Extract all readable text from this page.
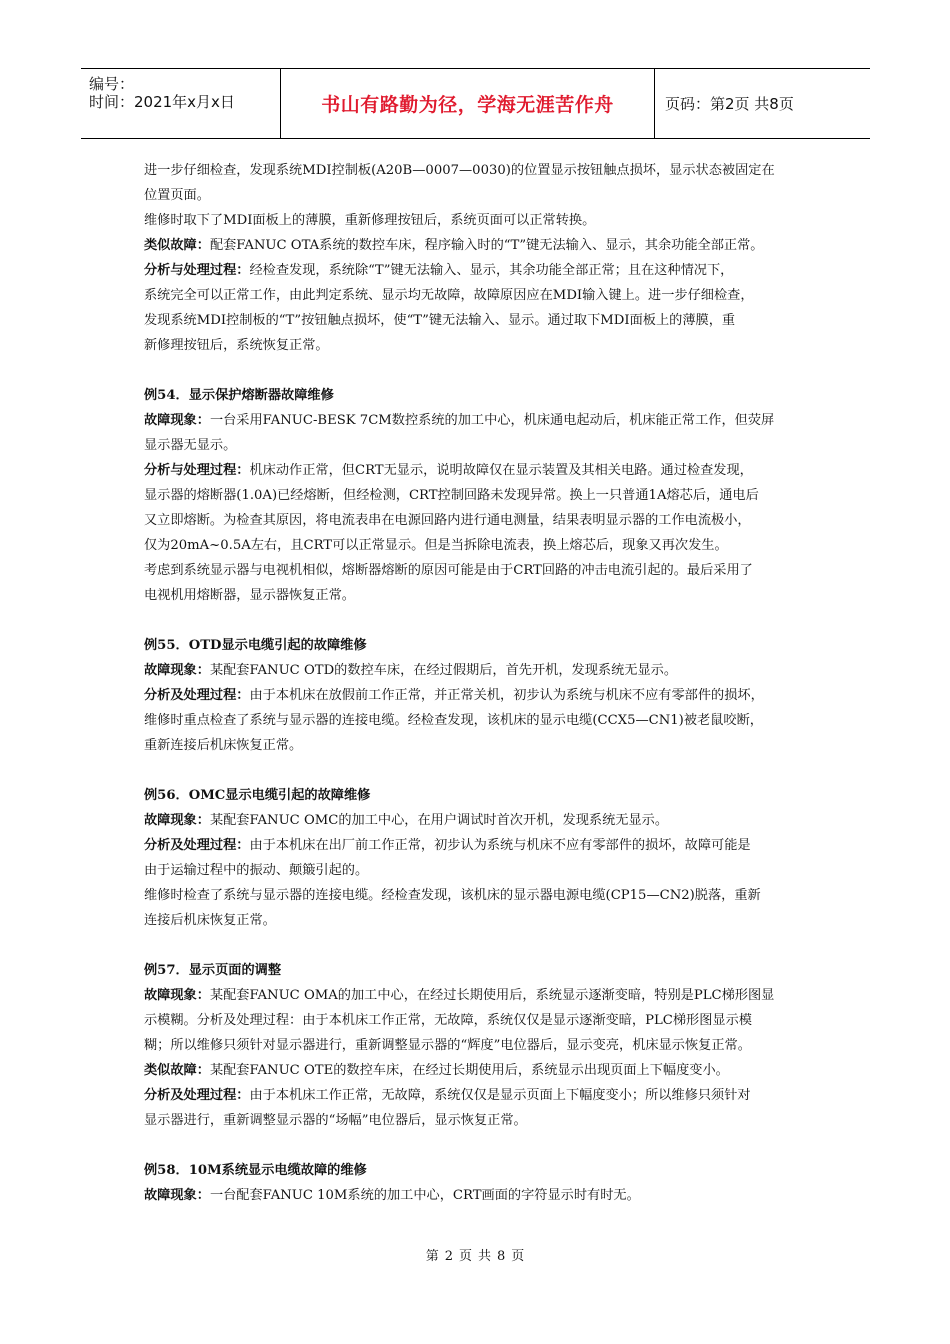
编号：
时间：2021年x月x日	书山有路勤为径，学海无涯苦作舟	页码：第2页 共8页

进一步仔细检查，发现系统MDI控制板(A20B—0007—0030)的位置显示按钮触点损坏，显示状态被固定在

位置页面。

维修时取下了MDI面板上的薄膜，重新修理按钮后，系统页面可以正常转换。

类似故障：配套FANUC OTA系统的数控车床，程序输入时的“T”键无法输入、显示，其余功能全部正常。

分析与处理过程：经检查发现，系统除“T”键无法输入、显示，其余功能全部正常；且在这种情况下，

系统完全可以正常工作，由此判定系统、显示均无故障，故障原因应在MDI输入键上。进一步仔细检查，

发现系统MDI控制板的“T”按钮触点损坏，使“T”键无法输入、显示。通过取下MDI面板上的薄膜，重

新修理按钮后，系统恢复正常。

例54．显示保护熔断器故障维修

故障现象：一台采用FANUC-BESK 7CM数控系统的加工中心，机床通电起动后，机床能正常工作，但荧屏

显示器无显示。

分析与处理过程：机床动作正常，但CRT无显示，说明故障仅在显示装置及其相关电路。通过检查发现，

显示器的熔断器(1.0A)已经熔断，但经检测，CRT控制回路未发现异常。换上一只普通1A熔芯后，通电后

又立即熔断。为检查其原因，将电流表串在电源回路内进行通电测量，结果表明显示器的工作电流极小，

仅为20mA~0.5A左右，且CRT可以正常显示。但是当拆除电流表，换上熔芯后，现象又再次发生。

考虑到系统显示器与电视机相似，熔断器熔断的原因可能是由于CRT回路的冲击电流引起的。最后采用了

电视机用熔断器，显示器恢复正常。

例55．OTD显示电缆引起的故障维修

故障现象：某配套FANUC OTD的数控车床，在经过假期后，首先开机，发现系统无显示。

分析及处理过程：由于本机床在放假前工作正常，并正常关机，初步认为系统与机床不应有零部件的损坏，

维修时重点检查了系统与显示器的连接电缆。经检查发现，该机床的显示电缆(CCX5—CN1)被老鼠咬断，

重新连接后机床恢复正常。

例56．OMC显示电缆引起的故障维修

故障现象：某配套FANUC OMC的加工中心，在用户调试时首次开机，发现系统无显示。

分析及处理过程：由于本机床在出厂前工作正常，初步认为系统与机床不应有零部件的损坏，故障可能是

由于运输过程中的振动、颠簸引起的。

维修时检查了系统与显示器的连接电缆。经检查发现，该机床的显示器电源电缆(CP15—CN2)脱落，重新

连接后机床恢复正常。

例57．显示页面的调整

故障现象：某配套FANUC OMA的加工中心，在经过长期使用后，系统显示逐渐变暗，特别是PLC梯形图显

示模糊。分析及处理过程：由于本机床工作正常，无故障，系统仅仅是显示逐渐变暗，PLC梯形图显示模

糊；所以维修只须针对显示器进行，重新调整显示器的“辉度”电位器后，显示变亮，机床显示恢复正常。

类似故障：某配套FANUC OTE的数控车床，在经过长期使用后，系统显示出现页面上下幅度变小。

分析及处理过程：由于本机床工作正常，无故障，系统仅仅是显示页面上下幅度变小；所以维修只须针对

显示器进行，重新调整显示器的“场幅”电位器后，显示恢复正常。

例58．10M系统显示电缆故障的维修

故障现象：一台配套FANUC 10M系统的加工中心，CRT画面的字符显示时有时无。

第 2 页 共 8 页
